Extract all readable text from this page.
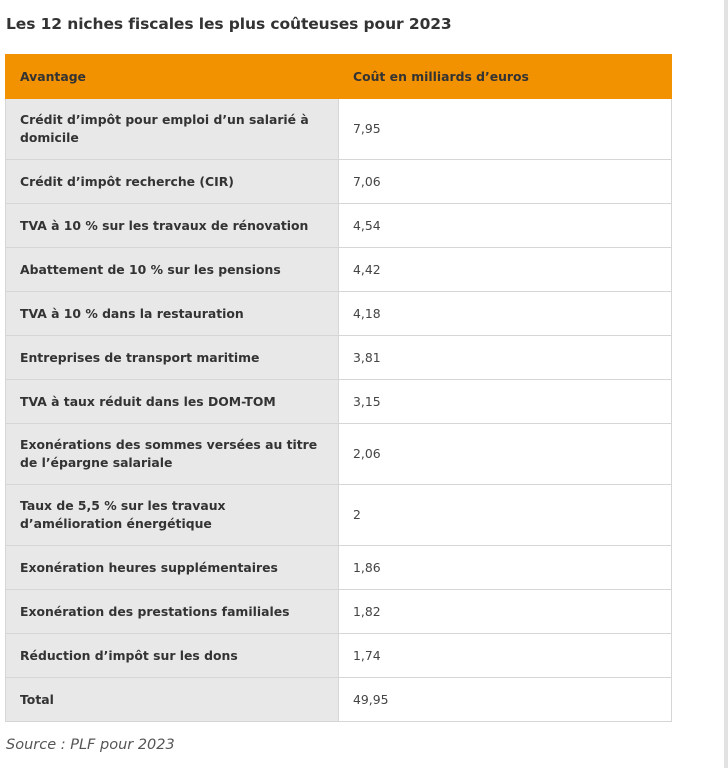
Les 12 niches fiscales les plus coûteuses pour 2023
Avantage	Coût en milliards d’euros
Crédit d’impôt pour emploi d’un salarié à domicile	7,95
Crédit d’impôt recherche (CIR)	7,06
TVA à 10 % sur les travaux de rénovation	4,54
Abattement de 10 % sur les pensions	4,42
TVA à 10 % dans la restauration	4,18
Entreprises de transport maritime	3,81
TVA à taux réduit dans les DOM-TOM	3,15
Exonérations des sommes versées au titre de l’épargne salariale	2,06
Taux de 5,5 % sur les travaux d’amélioration énergétique	2
Exonération heures supplémentaires	1,86
Exonération des prestations familiales	1,82
Réduction d’impôt sur les dons	1,74
Total	49,95

Source : PLF pour 2023
